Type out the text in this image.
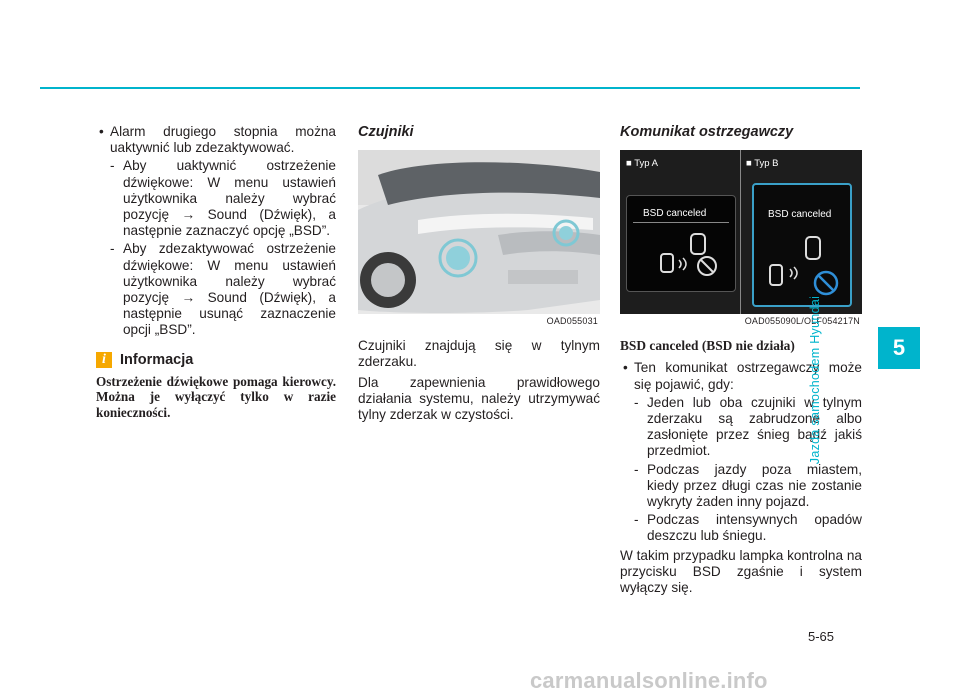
• Alarm drugiego stopnia można uaktywnić lub zdezaktywować.
- Aby uaktywnić ostrzeżenie dźwiękowe: W menu ustawień użytkownika należy wybrać pozycję → Sound (Dźwięk), a następnie zaznaczyć opcję „BSD”.
- Aby zdezaktywować ostrzeżenie dźwiękowe: W menu ustawień użytkownika należy wybrać pozycję → Sound (Dźwięk), a następnie usunąć zaznaczenie opcji „BSD”.
i Informacja
Ostrzeżenie dźwiękowe pomaga kierowcy. Można je wyłączyć tylko w razie konieczności.
Czujniki
OAD055031
Czujniki znajdują się w tylnym zderzaku.
Dla zapewnienia prawidłowego działania systemu, należy utrzymywać tylny zderzak w czystości.
Komunikat ostrzegawczy
■ Typ A	■ Typ B
BSD canceled	BSD canceled
OAD055090L/OLF054217N
BSD canceled (BSD nie działa)
• Ten komunikat ostrzegawczy może się pojawić, gdy:
- Jeden lub oba czujniki w tylnym zderzaku są zabrudzone albo zasłonięte przez śnieg bądź jakiś przedmiot.
- Podczas jazdy poza miastem, kiedy przez długi czas nie zostanie wykryty żaden inny pojazd.
- Podczas intensywnych opadów deszczu lub śniegu.
W takim przypadku lampka kontrolna na przycisku BSD zgaśnie i system wyłączy się.
5
Jazda samochodem Hyundai
5-65
carmanualsonline.info
